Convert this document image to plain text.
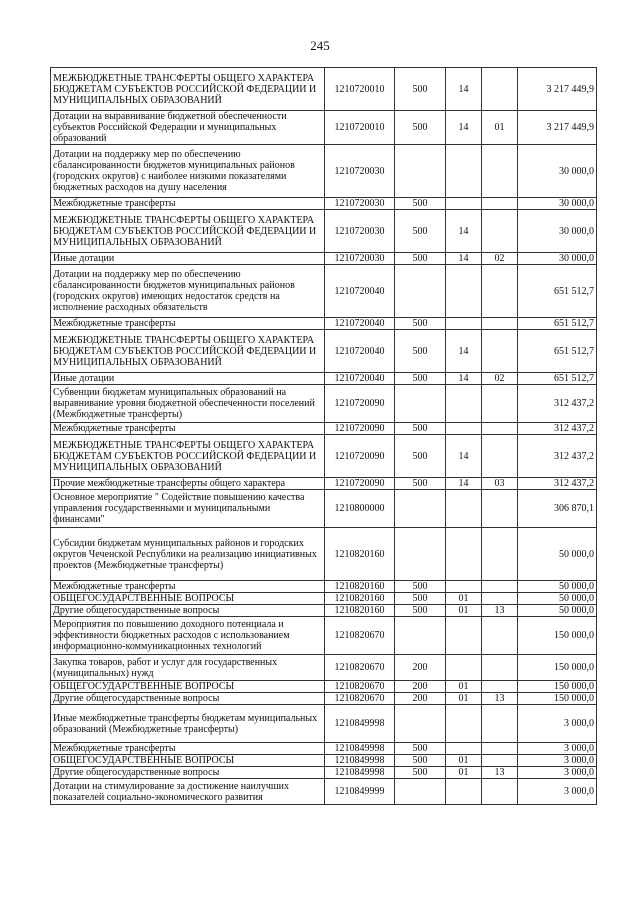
245
МЕЖБЮДЖЕТНЫЕ ТРАНСФЕРТЫ ОБЩЕГО ХАРАКТЕРА БЮДЖЕТАМ СУБЪЕКТОВ РОССИЙСКОЙ ФЕДЕРАЦИИ И МУНИЦИПАЛЬНЫХ ОБРАЗОВАНИЙ	1210720010	500	14		3 217 449,9
Дотации на выравнивание бюджетной обеспеченности субъектов Российской Федерации и муниципальных образований	1210720010	500	14	01	3 217 449,9
Дотации на поддержку мер по обеспечению сбалансированности бюджетов муниципальных районов (городских округов) с наиболее низкими показателями бюджетных расходов на душу населения	1210720030				30 000,0
Межбюджетные трансферты	1210720030	500			30 000,0
МЕЖБЮДЖЕТНЫЕ ТРАНСФЕРТЫ ОБЩЕГО ХАРАКТЕРА БЮДЖЕТАМ СУБЪЕКТОВ РОССИЙСКОЙ ФЕДЕРАЦИИ И МУНИЦИПАЛЬНЫХ ОБРАЗОВАНИЙ	1210720030	500	14		30 000,0
Иные дотации	1210720030	500	14	02	30 000,0
Дотации на поддержку мер по обеспечению сбалансированности бюджетов муниципальных районов (городских округов) имеющих недостаток средств на исполнение расходных обязательств	1210720040				651 512,7
Межбюджетные трансферты	1210720040	500			651 512,7
МЕЖБЮДЖЕТНЫЕ ТРАНСФЕРТЫ ОБЩЕГО ХАРАКТЕРА БЮДЖЕТАМ СУБЪЕКТОВ РОССИЙСКОЙ ФЕДЕРАЦИИ И МУНИЦИПАЛЬНЫХ ОБРАЗОВАНИЙ	1210720040	500	14		651 512,7
Иные дотации	1210720040	500	14	02	651 512,7
Субвенции бюджетам муниципальных образований на выравнивание уровня бюджетной обеспеченности поселений (Межбюджетные трансферты)	1210720090				312 437,2
Межбюджетные трансферты	1210720090	500			312 437,2
МЕЖБЮДЖЕТНЫЕ ТРАНСФЕРТЫ ОБЩЕГО ХАРАКТЕРА БЮДЖЕТАМ СУБЪЕКТОВ РОССИЙСКОЙ ФЕДЕРАЦИИ И МУНИЦИПАЛЬНЫХ ОБРАЗОВАНИЙ	1210720090	500	14		312 437,2
Прочие межбюджетные трансферты общего характера	1210720090	500	14	03	312 437,2
Основное мероприятие " Содействие повышению качества управления государственными и муниципальными финансами"	1210800000				306 870,1
Субсидии бюджетам муниципальных районов и городских округов Чеченской Республики на реализацию инициативных проектов (Межбюджетные трансферты)	1210820160				50 000,0
Межбюджетные трансферты	1210820160	500			50 000,0
ОБЩЕГОСУДАРСТВЕННЫЕ ВОПРОСЫ	1210820160	500	01		50 000,0
Другие общегосударственные вопросы	1210820160	500	01	13	50 000,0
Мероприятия по повышению доходного потенциала и эффективности бюджетных расходов с использованием информационно-коммуникационных технологий	1210820670				150 000,0
Закупка товаров, работ и услуг для государственных (муниципальных) нужд	1210820670	200			150 000,0
ОБЩЕГОСУДАРСТВЕННЫЕ ВОПРОСЫ	1210820670	200	01		150 000,0
Другие общегосударственные вопросы	1210820670	200	01	13	150 000,0
Иные межбюджетные трансферты бюджетам муниципальных образований (Межбюджетные трансферты)	1210849998				3 000,0
Межбюджетные трансферты	1210849998	500			3 000,0
ОБЩЕГОСУДАРСТВЕННЫЕ ВОПРОСЫ	1210849998	500	01		3 000,0
Другие общегосударственные вопросы	1210849998	500	01	13	3 000,0
Дотации на стимулирование за достижение наилучших показателей социально-экономического развития	1210849999				3 000,0
